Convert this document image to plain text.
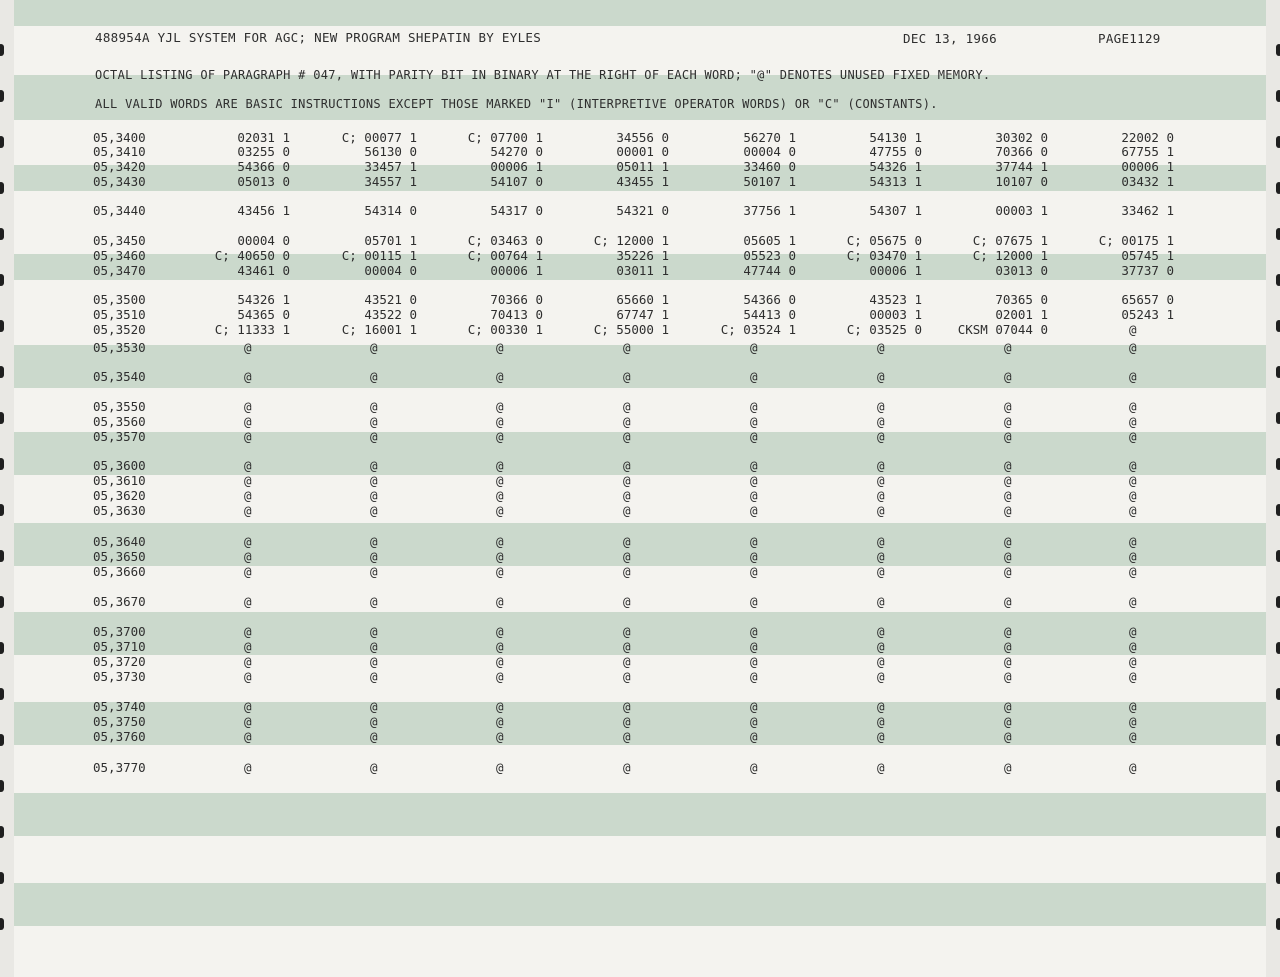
488954A YJL SYSTEM FOR AGC; NEW PROGRAM SHEPATIN BY EYLES	DEC 13, 1966	PAGE1129
OCTAL LISTING OF PARAGRAPH # 047, WITH PARITY BIT IN BINARY AT THE RIGHT OF EACH WORD; "@" DENOTES UNUSED FIXED MEMORY.
ALL VALID WORDS ARE BASIC INSTRUCTIONS EXCEPT THOSE MARKED "I" (INTERPRETIVE OPERATOR WORDS) OR "C" (CONSTANTS).
05,3400	02031 1	C; 00077 1	C; 07700 1	34556 0	56270 1	54130 1	30302 0	22002 0
05,3410	03255 0	56130 0	54270 0	00001 0	00004 0	47755 0	70366 0	67755 1
05,3420	54366 0	33457 1	00006 1	05011 1	33460 0	54326 1	37744 1	00006 1
05,3430	05013 0	34557 1	54107 0	43455 1	50107 1	54313 1	10107 0	03432 1
05,3440	43456 1	54314 0	54317 0	54321 0	37756 1	54307 1	00003 1	33462 1
05,3450	00004 0	05701 1	C; 03463 0	C; 12000 1	05605 1	C; 05675 0	C; 07675 1	C; 00175 1
05,3460	C; 40650 0	C; 00115 1	C; 00764 1	35226 1	05523 0	C; 03470 1	C; 12000 1	05745 1
05,3470	43461 0	00004 0	00006 1	03011 1	47744 0	00006 1	03013 0	37737 0
05,3500	54326 1	43521 0	70366 0	65660 1	54366 0	43523 1	70365 0	65657 0
05,3510	54365 0	43522 0	70413 0	67747 1	54413 0	00003 1	02001 1	05243 1
05,3520	C; 11333 1	C; 16001 1	C; 00330 1	C; 55000 1	C; 03524 1	C; 03525 0	CKSM 07044 0	@
05,3530	@	@	@	@	@	@	@	@
05,3540	@	@	@	@	@	@	@	@
05,3550	@	@	@	@	@	@	@	@
05,3560	@	@	@	@	@	@	@	@
05,3570	@	@	@	@	@	@	@	@
05,3600	@	@	@	@	@	@	@	@
05,3610	@	@	@	@	@	@	@	@
05,3620	@	@	@	@	@	@	@	@
05,3630	@	@	@	@	@	@	@	@
05,3640	@	@	@	@	@	@	@	@
05,3650	@	@	@	@	@	@	@	@
05,3660	@	@	@	@	@	@	@	@
05,3670	@	@	@	@	@	@	@	@
05,3700	@	@	@	@	@	@	@	@
05,3710	@	@	@	@	@	@	@	@
05,3720	@	@	@	@	@	@	@	@
05,3730	@	@	@	@	@	@	@	@
05,3740	@	@	@	@	@	@	@	@
05,3750	@	@	@	@	@	@	@	@
05,3760	@	@	@	@	@	@	@	@
05,3770	@	@	@	@	@	@	@	@
